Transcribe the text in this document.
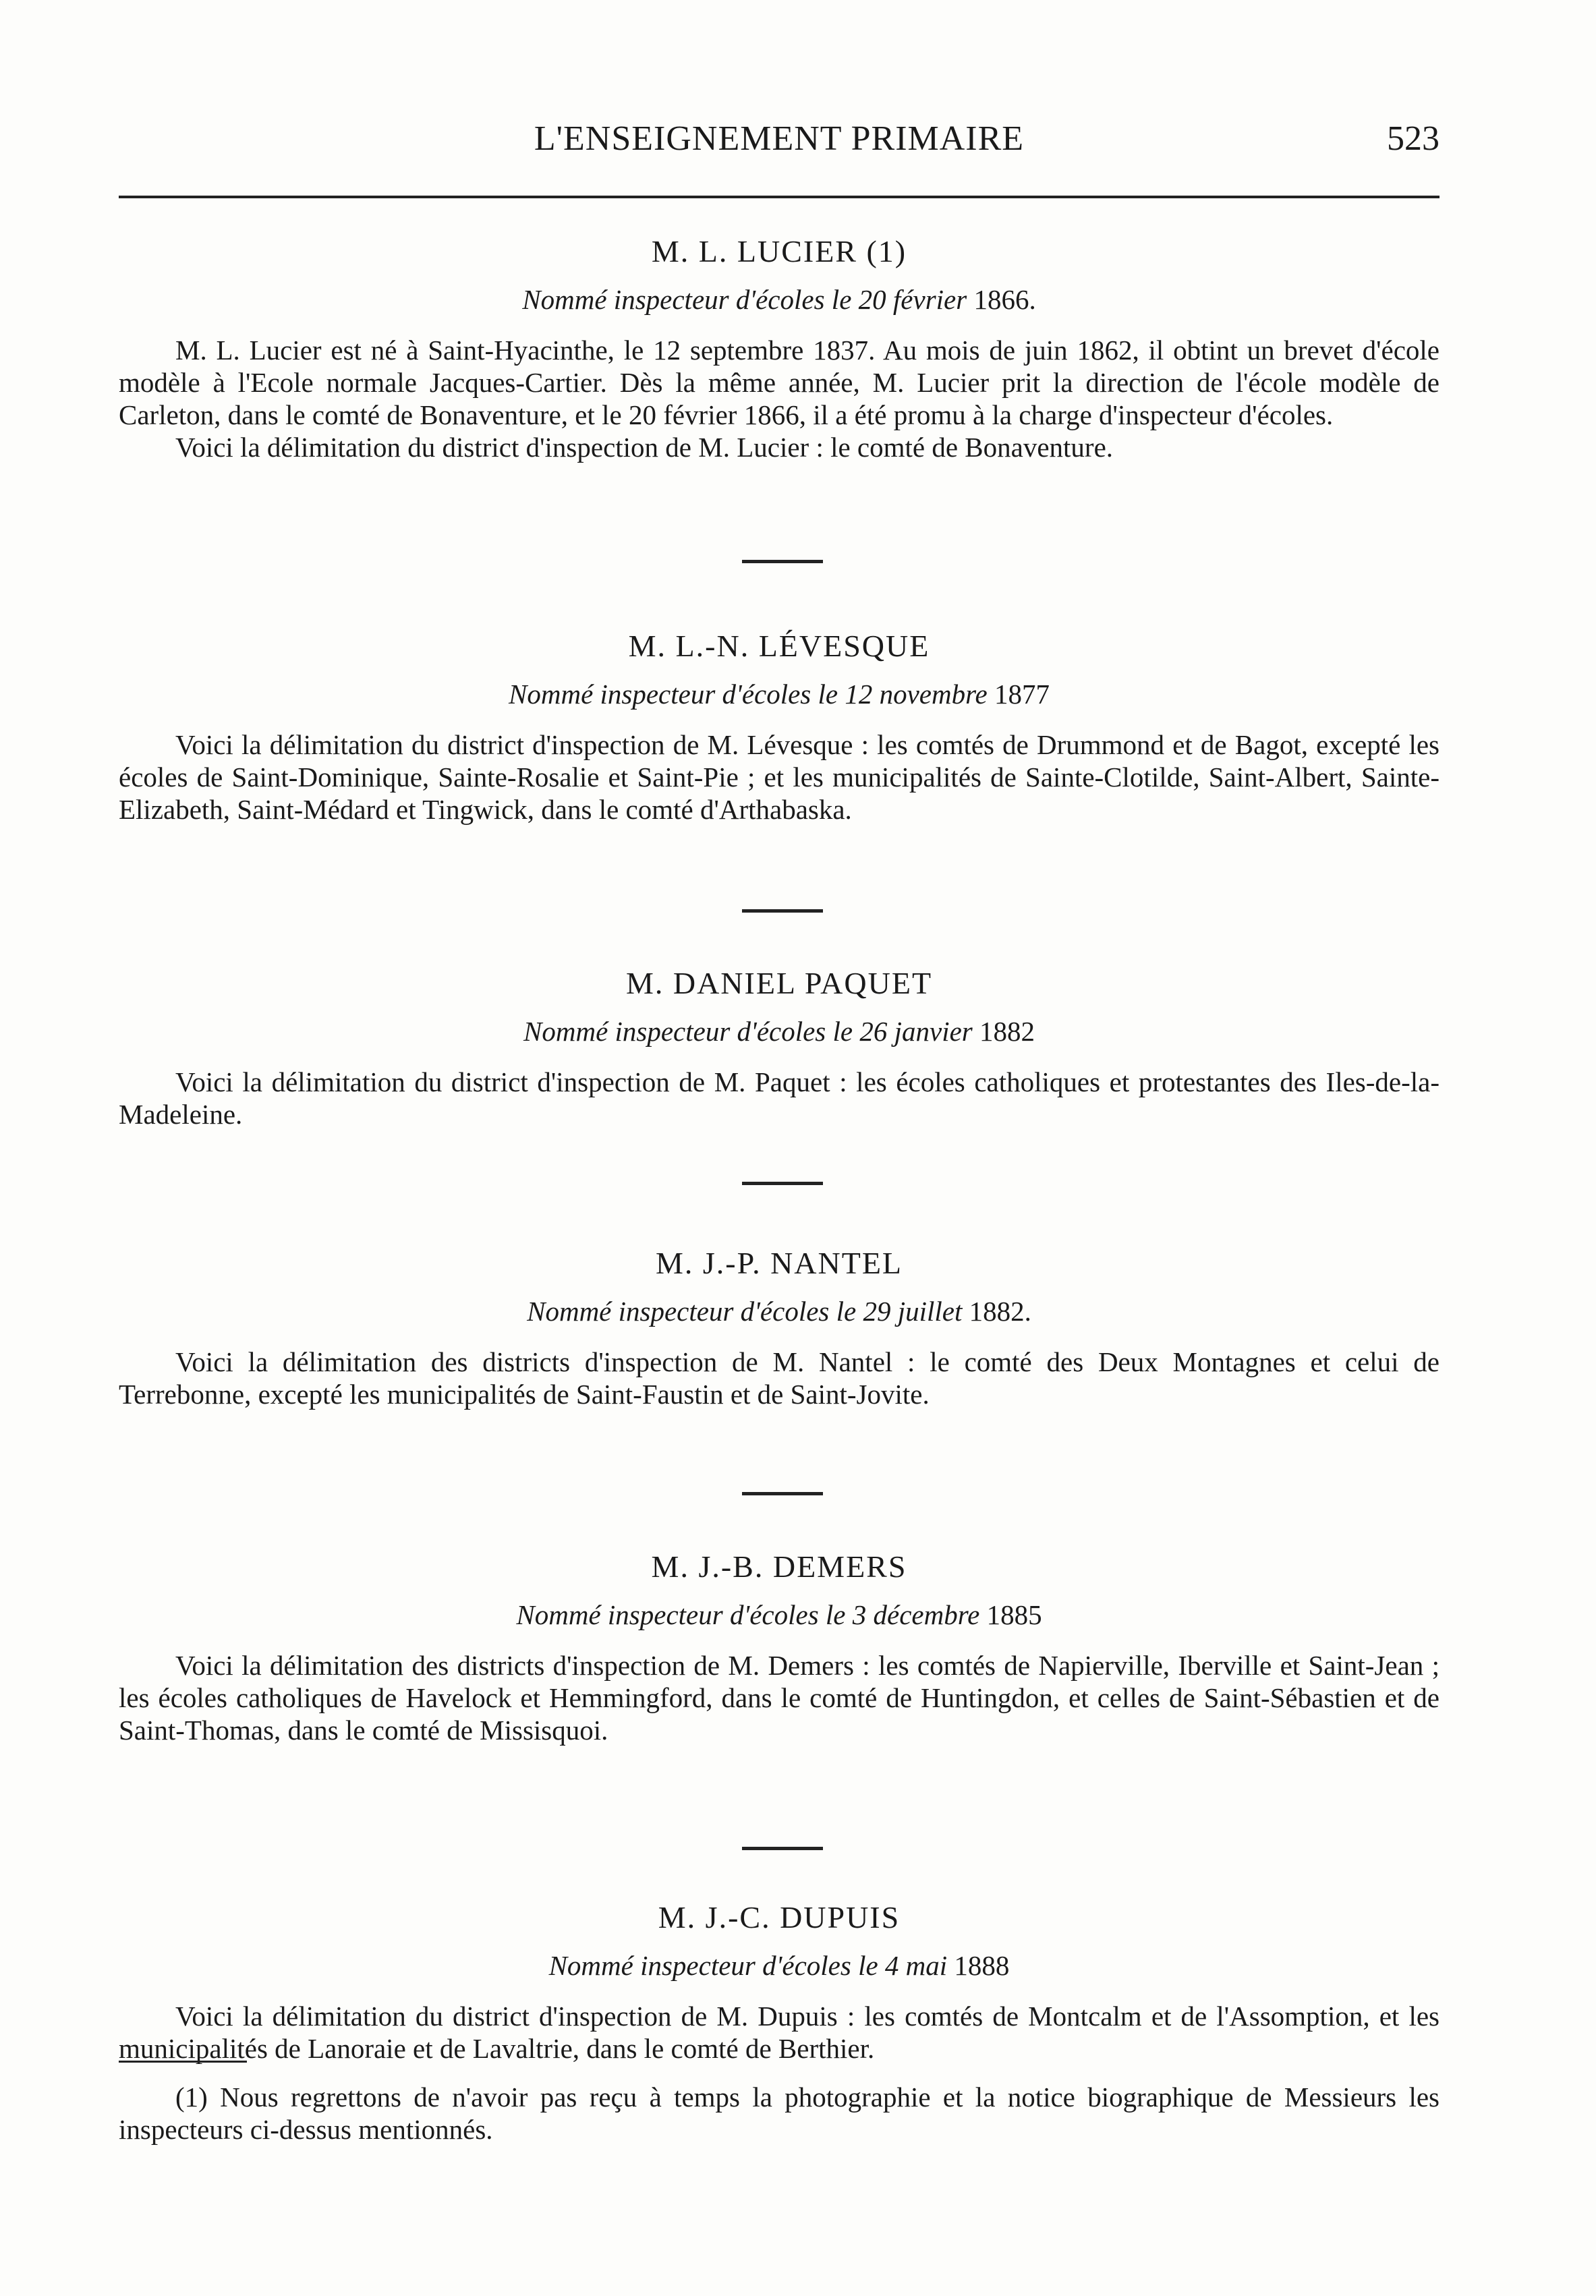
L'ENSEIGNEMENT PRIMAIRE	523

M. L. LUCIER (1)

Nommé inspecteur d'écoles le 20 février 1866.

M. L. Lucier est né à Saint-Hyacinthe, le 12 septembre 1837. Au mois de juin 1862, il obtint un brevet d'école modèle à l'Ecole normale Jacques-Cartier. Dès la même année, M. Lucier prit la direction de l'école modèle de Carleton, dans le comté de Bonaventure, et le 20 février 1866, il a été promu à la charge d'inspecteur d'écoles.

Voici la délimitation du district d'inspection de M. Lucier : le comté de Bonaventure.

M. L.-N. LÉVESQUE

Nommé inspecteur d'écoles le 12 novembre 1877

Voici la délimitation du district d'inspection de M. Lévesque : les comtés de Drummond et de Bagot, excepté les écoles de Saint-Dominique, Sainte-Rosalie et Saint-Pie ; et les municipalités de Sainte-Clotilde, Saint-Albert, Sainte-Elizabeth, Saint-Médard et Tingwick, dans le comté d'Arthabaska.

M. DANIEL PAQUET

Nommé inspecteur d'écoles le 26 janvier 1882

Voici la délimitation du district d'inspection de M. Paquet : les écoles catholiques et protestantes des Iles-de-la-Madeleine.

M. J.-P. NANTEL

Nommé inspecteur d'écoles le 29 juillet 1882.

Voici la délimitation des districts d'inspection de M. Nantel : le comté des Deux Montagnes et celui de Terrebonne, excepté les municipalités de Saint-Faustin et de Saint-Jovite.

M. J.-B. DEMERS

Nommé inspecteur d'écoles le 3 décembre 1885

Voici la délimitation des districts d'inspection de M. Demers : les comtés de Napierville, Iberville et Saint-Jean ; les écoles catholiques de Havelock et Hemmingford, dans le comté de Huntingdon, et celles de Saint-Sébastien et de Saint-Thomas, dans le comté de Missisquoi.

M. J.-C. DUPUIS

Nommé inspecteur d'écoles le 4 mai 1888

Voici la délimitation du district d'inspection de M. Dupuis : les comtés de Montcalm et de l'Assomption, et les municipalités de Lanoraie et de Lavaltrie, dans le comté de Berthier.

(1) Nous regrettons de n'avoir pas reçu à temps la photographie et la notice biographique de Messieurs les inspecteurs ci-dessus mentionnés.
